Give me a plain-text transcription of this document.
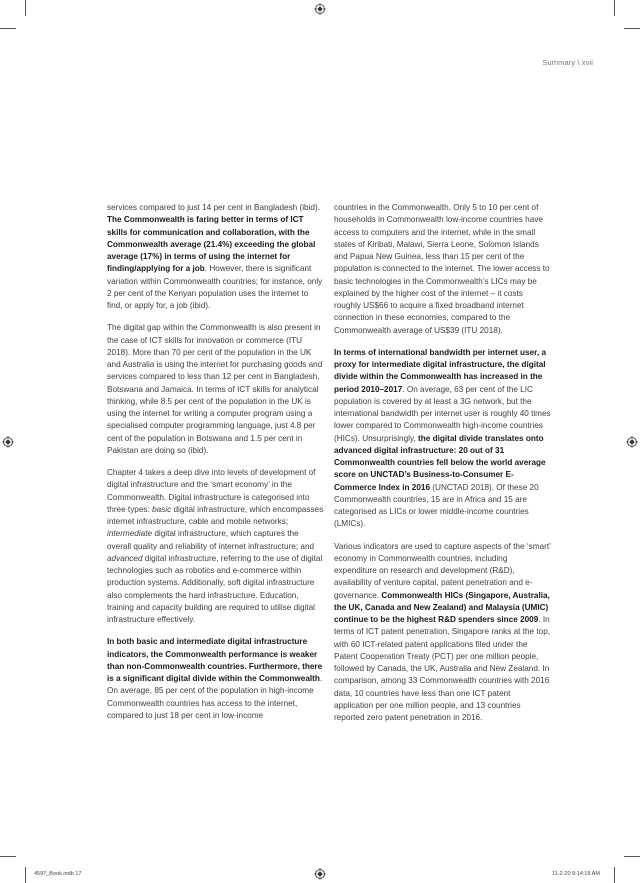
Summary \ xvii

services compared to just 14 per cent in Bangladesh (ibid). The Commonwealth is faring better in terms of ICT skills for communication and collaboration, with the Commonwealth average (21.4%) exceeding the global average (17%) in terms of using the internet for finding/applying for a job. However, there is significant variation within Commonwealth countries; for instance, only 2 per cent of the Kenyan population uses the internet to find, or apply for, a job (ibid).

The digital gap within the Commonwealth is also present in the case of ICT skills for innovation or commerce (ITU 2018). More than 70 per cent of the population in the UK and Australia is using the internet for purchasing goods and services compared to less than 12 per cent in Bangladesh, Botswana and Jamaica. In terms of ICT skills for analytical thinking, while 8.5 per cent of the population in the UK is using the internet for writing a computer program using a specialised computer programming language, just 4.8 per cent of the population in Botswana and 1.5 per cent in Pakistan are doing so (ibid).

Chapter 4 takes a deep dive into levels of development of digital infrastructure and the ‘smart economy’ in the Commonwealth. Digital infrastructure is categorised into three types: basic digital infrastructure, which encompasses internet infrastructure, cable and mobile networks; intermediate digital infrastructure, which captures the overall quality and reliability of internet infrastructure; and advanced digital infrastructure, referring to the use of digital technologies such as robotics and e-commerce within production systems. Additionally, soft digital infrastructure also complements the hard infrastructure. Education, training and capacity building are required to utilise digital infrastructure effectively.

In both basic and intermediate digital infrastructure indicators, the Commonwealth performance is weaker than non-Commonwealth countries. Furthermore, there is a significant digital divide within the Commonwealth. On average, 85 per cent of the population in high-income Commonwealth countries has access to the internet, compared to just 18 per cent in low-income

countries in the Commonwealth. Only 5 to 10 per cent of households in Commonwealth low-income countries have access to computers and the internet, while in the small states of Kiribati, Malawi, Sierra Leone, Solomon Islands and Papua New Guinea, less than 15 per cent of the population is connected to the internet. The lower access to basic technologies in the Commonwealth’s LICs may be explained by the higher cost of the internet – it costs roughly US$66 to acquire a fixed broadband internet connection in these economies, compared to the Commonwealth average of US$39 (ITU 2018).

In terms of international bandwidth per internet user, a proxy for intermediate digital infrastructure, the digital divide within the Commonwealth has increased in the period 2010–2017. On average, 63 per cent of the LIC population is covered by at least a 3G network, but the international bandwidth per internet user is roughly 40 times lower compared to Commonwealth high-income countries (HICs). Unsurprisingly, the digital divide translates onto advanced digital infrastructure: 20 out of 31 Commonwealth countries fell below the world average score on UNCTAD’s Business-to-Consumer E-Commerce Index in 2016 (UNCTAD 2018). Of these 20 Commonwealth countries, 15 are in Africa and 15 are categorised as LICs or lower middle-income countries (LMICs).

Various indicators are used to capture aspects of the ‘smart’ economy in Commonwealth countries, including expenditure on research and development (R&D), availability of venture capital, patent penetration and e-governance. Commonwealth HICs (Singapore, Australia, the UK, Canada and New Zealand) and Malaysia (UMIC) continue to be the highest R&D spenders since 2009. In terms of ICT patent penetration, Singapore ranks at the top, with 60 ICT-related patent applications filed under the Patent Cooperation Treaty (PCT) per one million people, followed by Canada, the UK, Australia and New Zealand. In comparison, among 33 Commonwealth countries with 2016 data, 10 countries have less than one ICT patent application per one million people, and 13 countries reported zero patent penetration in 2016.

4597_Book.indb 17	11-2-20 9:14:19 AM
